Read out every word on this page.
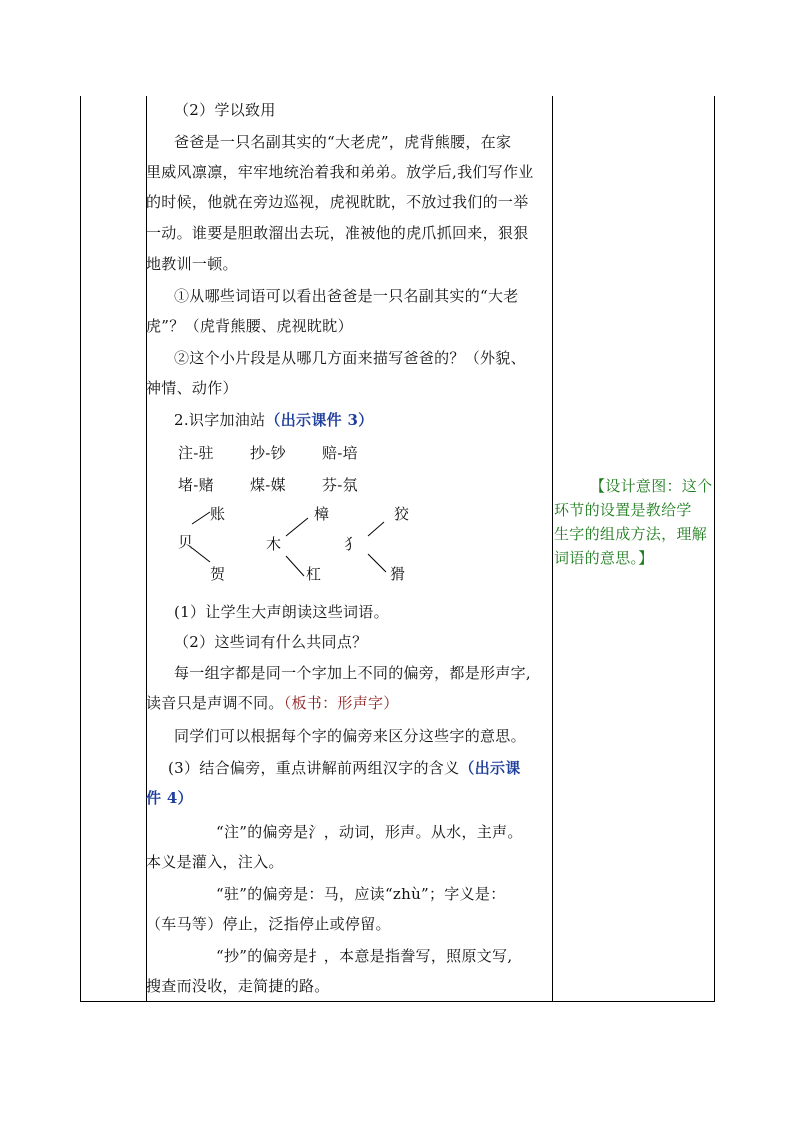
（2）学以致用
爸爸是一只名副其实的“大老虎”，虎背熊腰，在家
里威风凛凛，牢牢地统治着我和弟弟。放学后,我们写作业
的时候，他就在旁边巡视，虎视眈眈，不放过我们的一举
一动。谁要是胆敢溜出去玩，准被他的虎爪抓回来，狠狠
地教训一顿。
①从哪些词语可以看出爸爸是一只名副其实的“大老
虎”？（虎背熊腰、虎视眈眈）
②这个小片段是从哪几方面来描写爸爸的？（外貌、
神情、动作）
2.识字加油站（出示课件 3）
注-驻 抄-钞 赔-培
堵-赌 煤-媒 芬-氛
账
贝
贺
樟
木
杠
狡
犭
猾
(1）让学生大声朗读这些词语。
（2）这些词有什么共同点？
每一组字都是同一个字加上不同的偏旁，都是形声字,
读音只是声调不同。（板书：形声字）
同学们可以根据每个字的偏旁来区分这些字的意思。
(3）结合偏旁，重点讲解前两组汉字的含义（出示课
件 4）
“注”的偏旁是氵，动词，形声。从水，主声。
本义是灌入，注入。
“驻”的偏旁是：马，应读“zhù”；字义是：
（车马等）停止，泛指停止或停留。
“抄”的偏旁是扌，本意是指誊写，照原文写,
搜查而没收，走简捷的路。
【设计意图：这个
环节的设置是教给学
生字的组成方法，理解
词语的意思。】
